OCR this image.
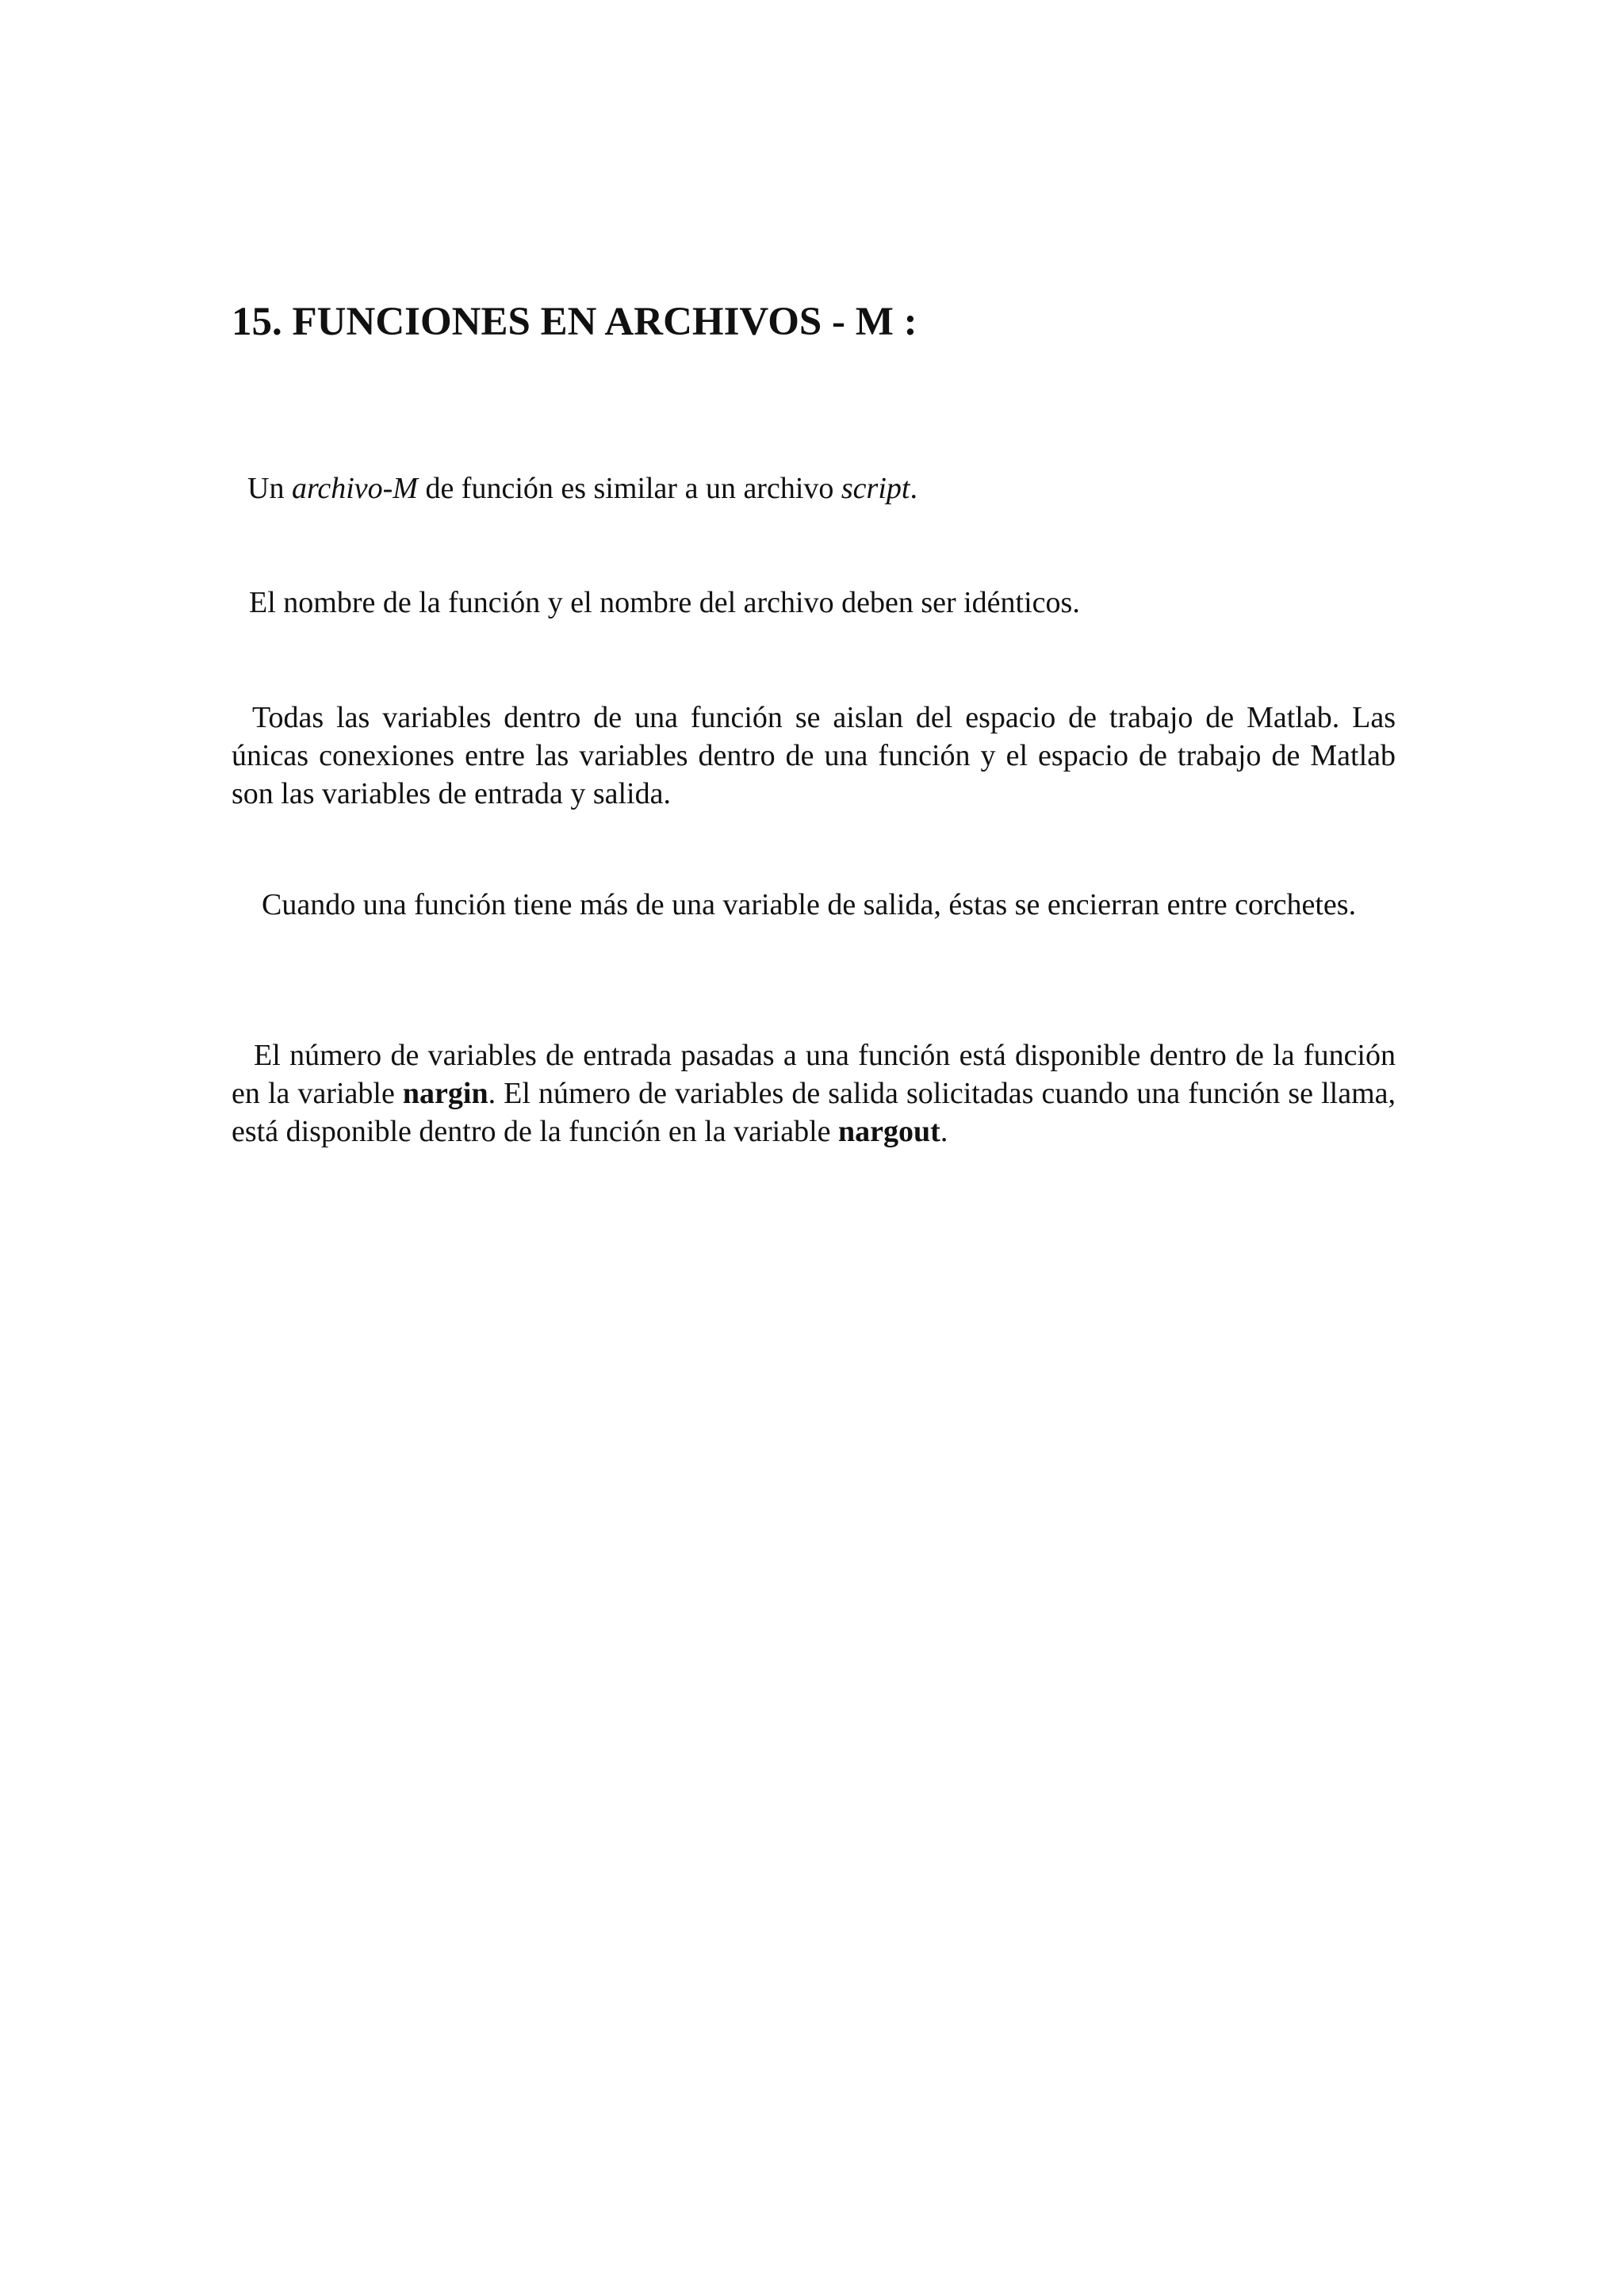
15. FUNCIONES EN ARCHIVOS - M :

Un archivo-M de función es similar a un archivo script.

El nombre de la función y el nombre del archivo deben ser idénticos.

Todas las variables dentro de una función se aislan del espacio de trabajo de Matlab. Las únicas conexiones entre las variables dentro de una función y el espacio de trabajo de Matlab son las variables de entrada y salida.

Cuando una función tiene más de una variable de salida, éstas se encierran entre corchetes.

El número de variables de entrada pasadas a una función está disponible dentro de la función en la variable nargin. El número de variables de salida solicitadas cuando una función se llama, está disponible dentro de la función en la variable nargout.
